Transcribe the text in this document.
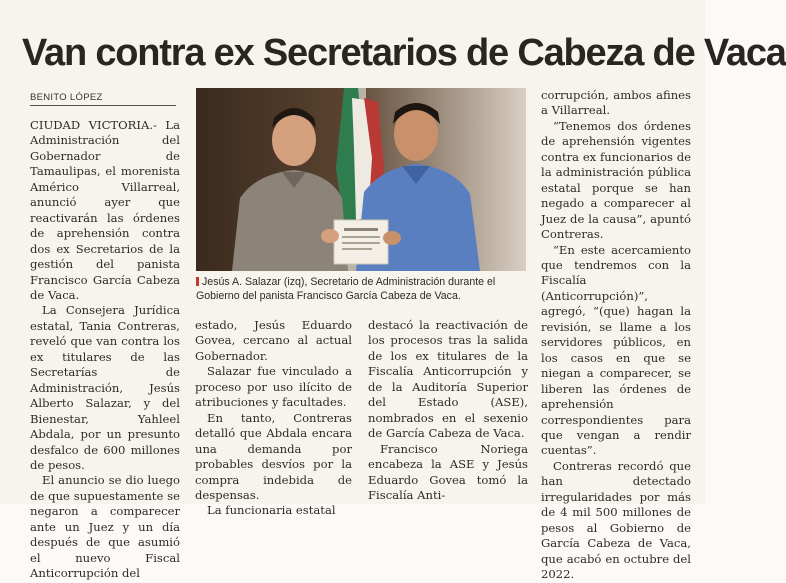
Van contra ex Secretarios de Cabeza de Vaca
BENITO LÓPEZ

CIUDAD VICTORIA.- La Administración del Gobernador de Tamaulipas, el morenista Américo Villarreal, anunció ayer que reactivarán las órdenes de aprehensión contra dos ex Secretarios de la gestión del panista Francisco García Cabeza de Vaca.

La Consejera Jurídica estatal, Tania Contreras, reveló que van contra los ex titulares de las Secretarías de Administración, Jesús Alberto Salazar, y del Bienestar, Yahleel Abdala, por un presunto desfalco de 600 millones de pesos.

El anuncio se dio luego de que supuestamente se negaron a comparecer ante un Juez y un día después de que asumió el nuevo Fiscal Anticorrupción del

Jesús A. Salazar (izq), Secretario de Administración durante el Gobierno del panista Francisco García Cabeza de Vaca.

estado, Jesús Eduardo Govea, cercano al actual Gobernador.

Salazar fue vinculado a proceso por uso ilícito de atribuciones y facultades.

En tanto, Contreras detalló que Abdala encara una demanda por probables desvíos por la compra indebida de despensas.

La funcionaria estatal

destacó la reactivación de los procesos tras la salida de los ex titulares de la Fiscalía Anticorrupción y de la Auditoría Superior del Estado (ASE), nombrados en el sexenio de García Cabeza de Vaca.

Francisco Noriega encabeza la ASE y Jesús Eduardo Govea tomó la Fiscalía Anti-

corrupción, ambos afines a Villarreal.

“Tenemos dos órdenes de aprehensión vigentes contra ex funcionarios de la administración pública estatal porque se han negado a comparecer al Juez de la causa”, apuntó Contreras.

“En este acercamiento que tendremos con la Fiscalía (Anticorrupción)”, agregó, “(que) hagan la revisión, se llame a los servidores públicos, en los casos en que se niegan a comparecer, se liberen las órdenes de aprehensión correspondientes para que vengan a rendir cuentas”.

Contreras recordó que han detectado irregularidades por más de 4 mil 500 millones de pesos al Gobierno de García Cabeza de Vaca, que acabó en octubre del 2022.
